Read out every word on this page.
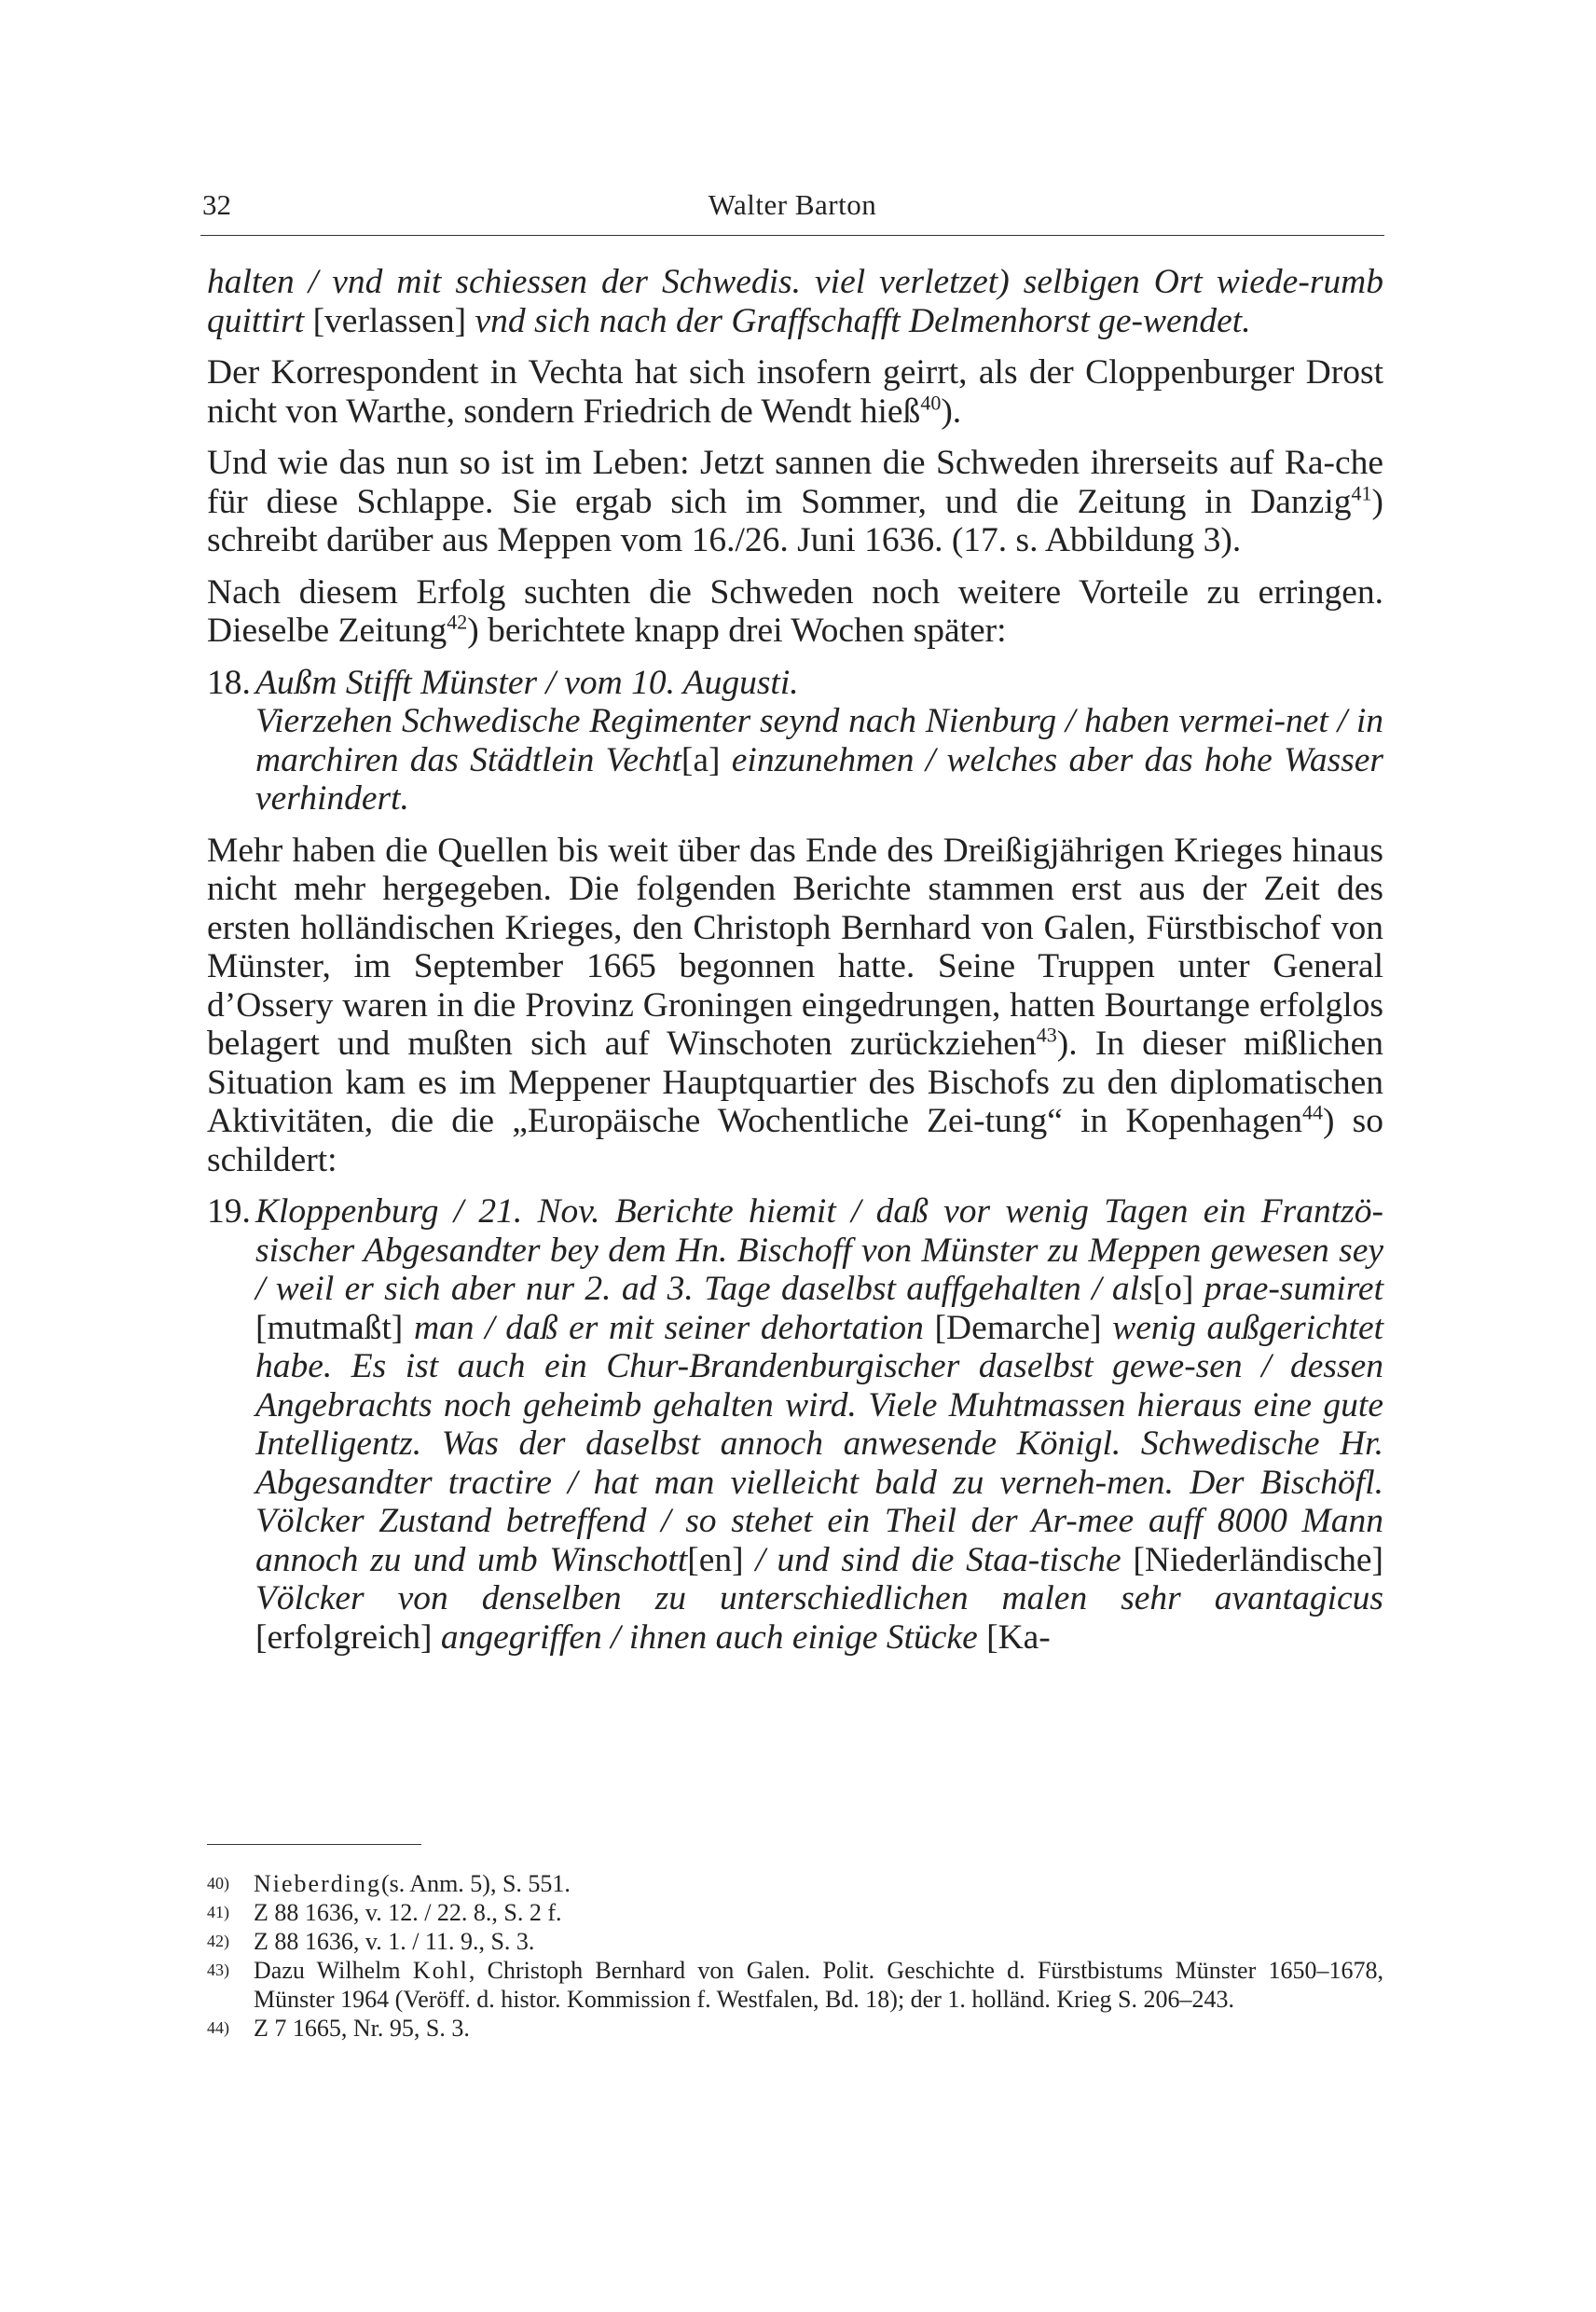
32	Walter Barton

halten / vnd mit schiessen der Schwedis. viel verletzet) selbigen Ort wiede-rumb quittirt [verlassen] vnd sich nach der Graffschafft Delmenhorst ge-wendet.

Der Korrespondent in Vechta hat sich insofern geirrt, als der Cloppenburger Drost nicht von Warthe, sondern Friedrich de Wendt hieß$^{40}$).

Und wie das nun so ist im Leben: Jetzt sannen die Schweden ihrerseits auf Ra-che für diese Schlappe. Sie ergab sich im Sommer, und die Zeitung in Danzig$^{41}$) schreibt darüber aus Meppen vom 16./26. Juni 1636. (17. s. Abbildung 3).

Nach diesem Erfolg suchten die Schweden noch weitere Vorteile zu erringen. Dieselbe Zeitung$^{42}$) berichtete knapp drei Wochen später:

18. Außm Stifft Münster / vom 10. Augusti.

Vierzehen Schwedische Regimenter seynd nach Nienburg / haben vermei-net / in marchiren das Städtlein Vecht[a] einzunehmen / welches aber das hohe Wasser verhindert.

Mehr haben die Quellen bis weit über das Ende des Dreißigjährigen Krieges hinaus nicht mehr hergegeben. Die folgenden Berichte stammen erst aus der Zeit des ersten holländischen Krieges, den Christoph Bernhard von Galen, Fürstbischof von Münster, im September 1665 begonnen hatte. Seine Truppen unter General d’Ossery waren in die Provinz Groningen eingedrungen, hatten Bourtange erfolglos belagert und mußten sich auf Winschoten zurückziehen$^{43}$). In dieser mißlichen Situation kam es im Meppener Hauptquartier des Bischofs zu den diplomatischen Aktivitäten, die die „Europäische Wochentliche Zei-tung“ in Kopenhagen$^{44}$) so schildert:

19. Kloppenburg / 21. Nov. Berichte hiemit / daß vor wenig Tagen ein Frantzö-sischer Abgesandter bey dem Hn. Bischoff von Münster zu Meppen gewesen sey / weil er sich aber nur 2. ad 3. Tage daselbst auffgehalten / als[o] prae-sumiret [mutmaßt] man / daß er mit seiner dehortation [Demarche] wenig außgerichtet habe. Es ist auch ein Chur-Brandenburgischer daselbst gewe-sen / dessen Angebrachts noch geheimb gehalten wird. Viele Muhtmassen hieraus eine gute Intelligentz. Was der daselbst annoch anwesende Königl. Schwedische Hr. Abgesandter tractire / hat man vielleicht bald zu verneh-men. Der Bischöfl. Völcker Zustand betreffend / so stehet ein Theil der Ar-mee auff 8000 Mann annoch zu und umb Winschott[en] / und sind die Staa-tische [Niederländische] Völcker von denselben zu unterschiedlichen malen sehr avantagicus [erfolgreich] angegriffen / ihnen auch einige Stücke [Ka-

40) Nieberding(s. Anm. 5), S. 551.

41) Z 88 1636, v. 12. / 22. 8., S. 2 f.

42) Z 88 1636, v. 1. / 11. 9., S. 3.

43) Dazu Wilhelm Kohl, Christoph Bernhard von Galen. Polit. Geschichte d. Fürstbistums Münster 1650–1678, Münster 1964 (Veröff. d. histor. Kommission f. Westfalen, Bd. 18); der 1. holländ. Krieg S. 206–243.

44) Z 7 1665, Nr. 95, S. 3.
